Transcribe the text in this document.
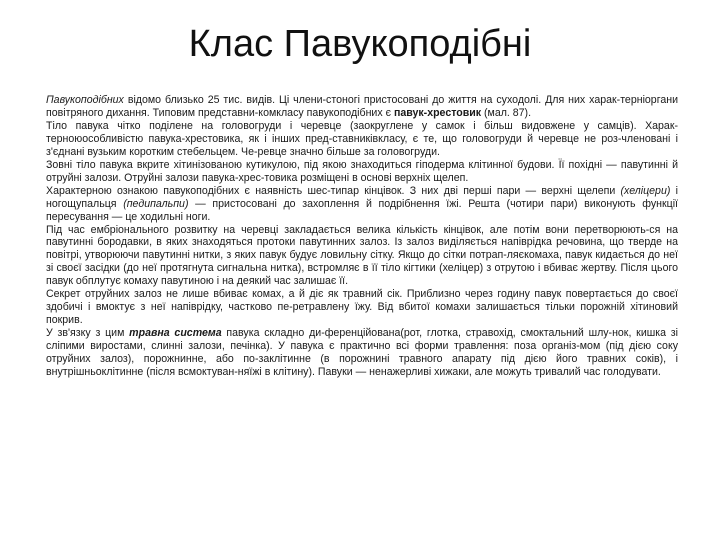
Клас Павукоподібні

Павукоподібних відомо близько 25 тис. видів. Ці члени-стоногі пристосовані до життя на суходолі. Для них харак-терніоргани повітряного дихання. Типовим представни-комкласу павукоподібних є павук-хрестовик (мал. 87).

Тіло павука чітко поділене на головогруди і черевце (заокруглене у самок і більш видовжене у самців). Харак-терноюособливістю павука-хрестовика, як і інших пред-ставниківкласу, є те, що головогруди й черевце не роз-членовані і з'єднані вузьким коротким стебельцем. Че-ревце значно більше за головогруди.

Зовні тіло павука вкрите хітинізованою кутикулою, під якою знаходиться гіподерма клітинної будови. Її похідні — павутинні й отруйні залози. Отруйні залози павука-хрес-товика розміщені в основі верхніх щелеп.

Характерною ознакою павукоподібних є наявність шес-типар кінцівок. З них дві перші пари — верхні щелепи (хеліцери) і ногощупальця (педипальпи) — пристосовані до захоплення й подрібнення їжі. Решта (чотири пари) виконують функції пересування — це ходильні ноги.

Під час ембріонального розвитку на черевці закладається велика кількість кінцівок, але потім вони перетворюють-ся на павутинні бородавки, в яких знаходяться протоки павутинних залоз. Із залоз виділяється напіврідка речовина, що тверде на повітрі, утворюючи павутинні нитки, з яких павук будує ловильну сітку. Якщо до сітки потрап-ляєкомаха, павук кидається до неї зі своєї засідки (до неї протягнута сигнальна нитка), встромляє в її тіло кігтики (хеліцер) з отрутою і вбиває жертву. Після цього павук обплутує комаху павутиною і на деякий час залишає її.

Секрет отруйних залоз не лише вбиває комах, а й діє як травний сік. Приблизно через годину павук повертається до своєї здобичі і вмоктує з неї напіврідку, частково пе-ретравлену їжу. Від вбитої комахи залишається тільки порожній хітиновий покрив.

У зв'язку з цим травна система павука складно ди-ференційована(рот, глотка, стравохід, смоктальний шлу-нок, кишка зі сліпими виростами, слинні залози, печінка). У павука є практично всі форми травлення: поза організ-мом (під дією соку отруйних залоз), порожнинне, або по-заклітинне (в порожнині травного апарату під дією його травних соків), і внутрішньоклітинне (після всмоктуван-няїжі в клітину). Павуки — ненажерливі хижаки, але можуть тривалий час голодувати.
